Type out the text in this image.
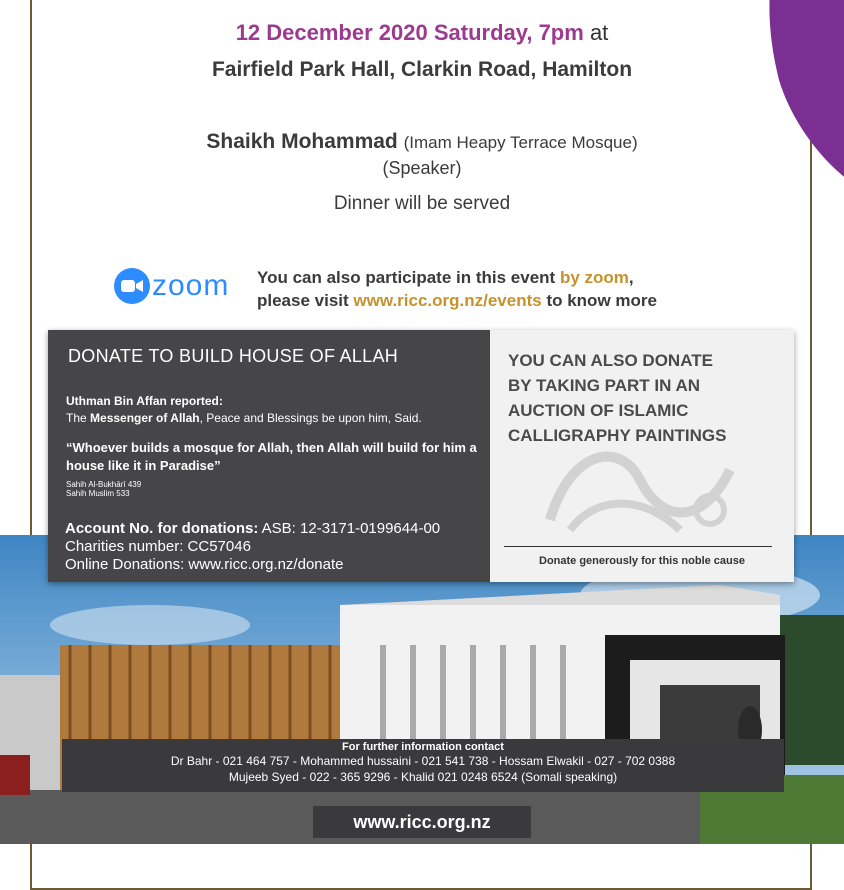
12 December 2020 Saturday, 7pm at
Fairfield Park Hall, Clarkin Road, Hamilton
Shaikh Mohammad (Imam Heapy Terrace Mosque)
(Speaker)
Dinner will be served
zoom You can also participate in this event by zoom,
please visit www.ricc.org.nz/events to know more
DONATE TO BUILD HOUSE OF ALLAH
Uthman Bin Affan reported:
The Messenger of Allah, Peace and Blessings be upon him, Said.
“Whoever builds a mosque for Allah, then Allah will build for him a house like it in Paradise”
Sahih Al-Bukhārī 439
Sahih Muslim 533
Account No. for donations: ASB: 12-3171-0199644-00
Charities number: CC57046
Online Donations: www.ricc.org.nz/donate
YOU CAN ALSO DONATE
BY TAKING PART IN AN
AUCTION OF ISLAMIC
CALLIGRAPHY PAINTINGS
Donate generously for this noble cause
For further information contact
Dr Bahr - 021 464 757 - Mohammed hussaini - 021 541 738 - Hossam Elwakil - 027 - 702 0388
Mujeeb Syed - 022 - 365 9296 - Khalid 021 0248 6524 (Somali speaking)
www.ricc.org.nz
